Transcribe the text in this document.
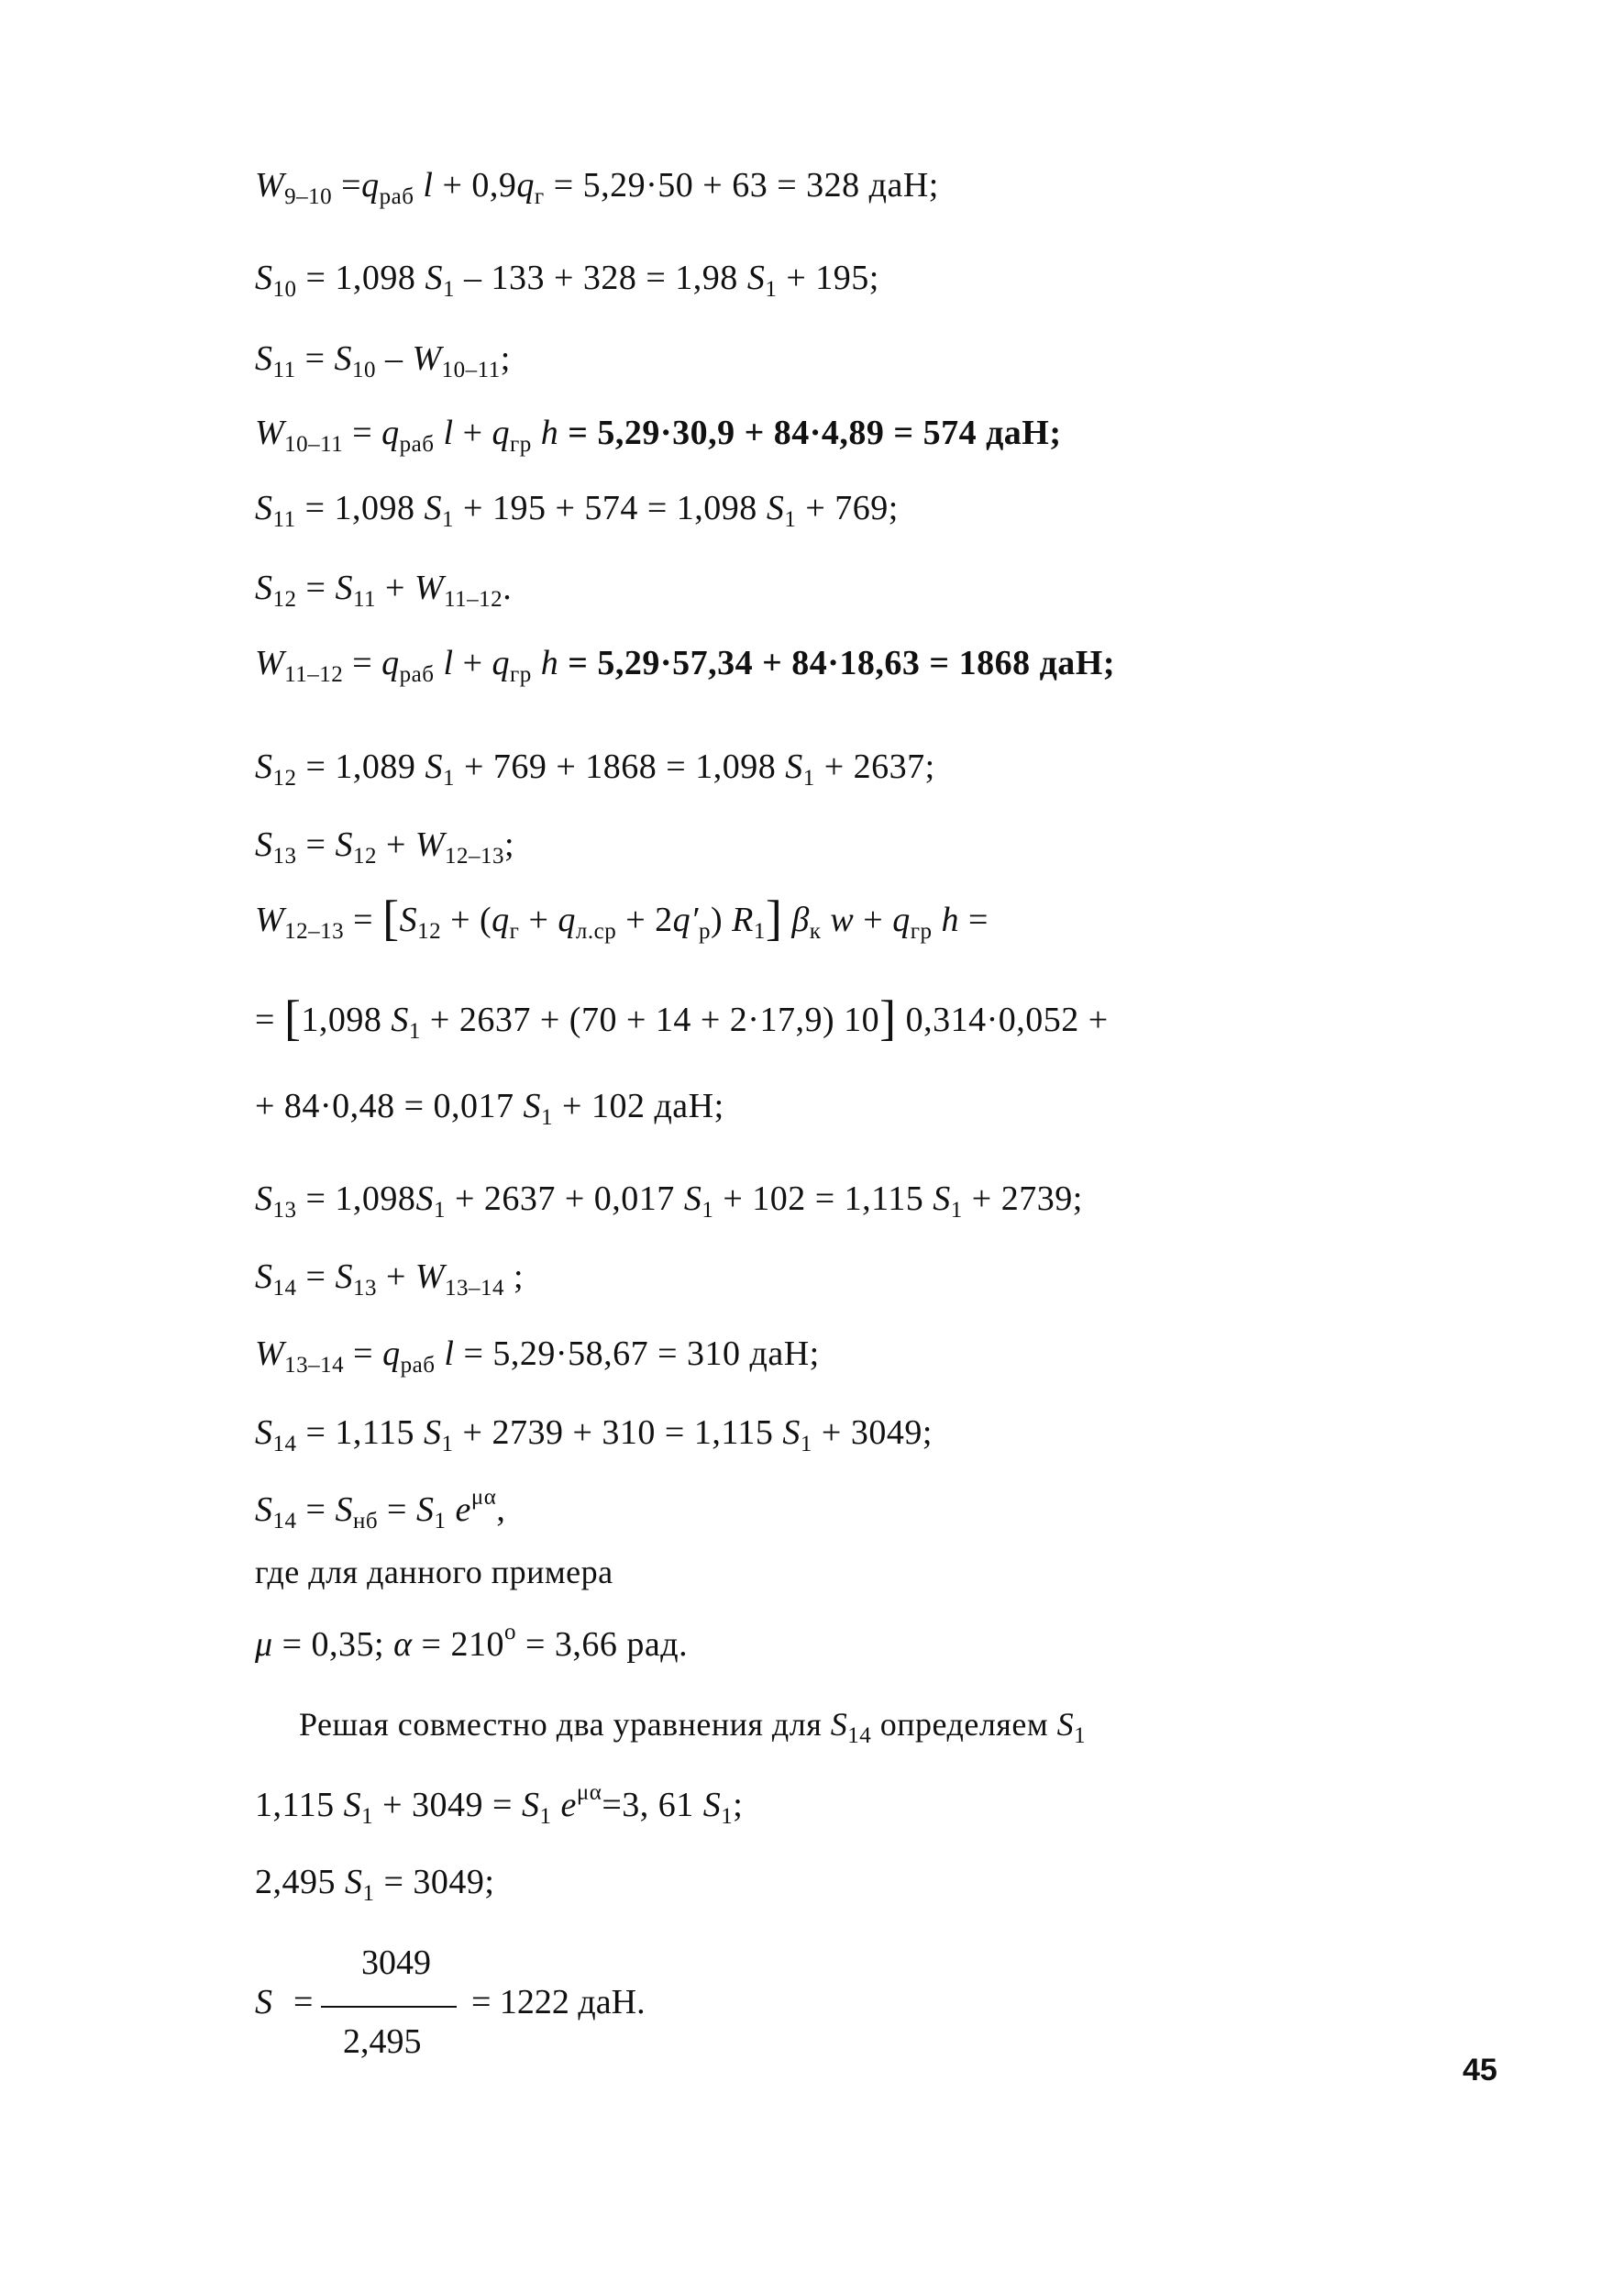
$W_{9-10} =q_{раб}$ $l + 0,9q_г = 5,29\cdot 50 + 63 = 328$ даН;
$S_{10} = 1,098$ $S_1 - 133 + 328 = 1,98$ $S_1 + 195$;
$S_{11} = S_{10} - W_{10-11}$;
$W_{10-11} = q_{раб}$ $l + q_{гр}$ h = 5,29·30,9 + 84·4,89 = 574 даН;
$S_{11} = 1,098$ $S_1 + 195 + 574 = 1,098$ $S_1 + 769$;
$S_{12} = S_{11} + W_{11-12}$.
$W_{11-12} = q_{раб}$ $l + q_{гр}$ h = 5,29·57,34 + 84·18,63 = 1868 даН;
$S_{12} = 1,089$ $S_1 + 769 + 1868 = 1,098$ $S_1 + 2637$;
$S_{13} = S_{12} + W_{12-13}$;
$W_{12-13} = [S_{12} + (q_г + q_{л.ср} + 2q'_р)$ $R_1$] $\beta_к$ $w + q_{гр}$ h =
= [1,098 $S_1 + 2637 + (70 + 14 + 2\cdot 17,9)$ 10] 0,314·0,052 +
+ 84·0,48 = 0,017 $S_1 + 102$ даН;
$S_{13} = 1,098S_1 + 2637 + 0,017$ $S_1 + 102 = 1,115$ $S_1 + 2739$;
$S_{14} = S_{13} + W_{13-14}$ ;
$W_{13-14} = q_{раб}$ l = 5,29·58,67 = 310 даН;
$S_{14} = 1,115$ $S_1 + 2739 + 310 = 1,115$ $S_1 + 3049$;
$S_{14} = S_{нб} = S_1$ $e^{\mu\alpha}$,
где для данного примера
μ = 0,35; $\alpha = 210^o = 3,66$ рад.
Решая совместно два уравнения для $S_{14}$ определяем $S_1$
1,115 $S_1 + 3049 = S_1$ $e^{\mu\alpha}=3$, 61 $S_1$;
2,495 $S_1 = 3049$;
S =
3049
2,495
= 1222 даН.
45
